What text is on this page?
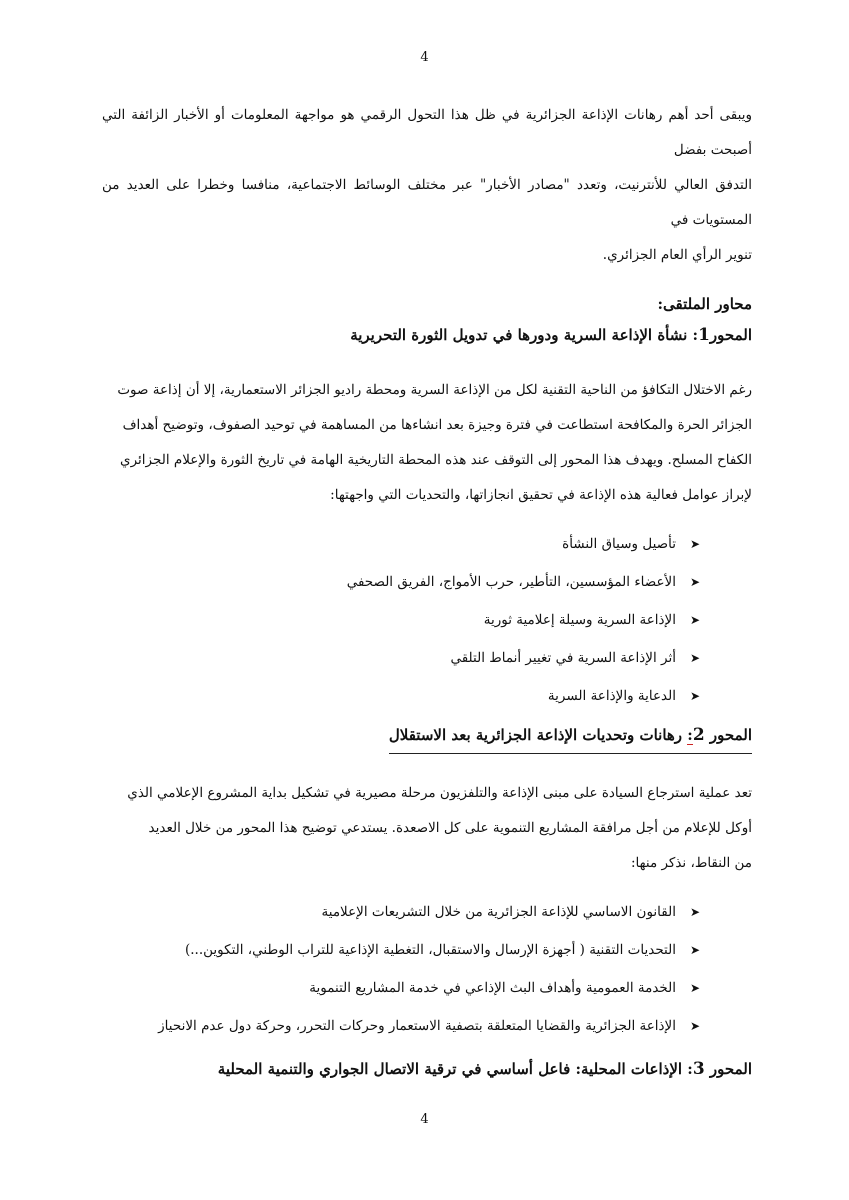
4

ويبقى أحد أهم رهانات الإذاعة الجزائرية في ظل هذا التحول الرقمي هو مواجهة المعلومات أو الأخبار الزائفة التي أصبحت بفضل

التدفق العالي للأنترنيت، وتعدد "مصادر الأخبار" عبر مختلف الوسائط الاجتماعية، منافسا وخطرا على العديد من المستويات في

تنوير الرأي العام الجزائري.

محاور الملتقى:

المحور1: نشأة الإذاعة السرية ودورها في تدويل الثورة التحريرية

رغم الاختلال التكافؤ من الناحية التقنية لكل من الإذاعة السرية ومحطة راديو الجزائر الاستعمارية، إلا أن إذاعة صوت

الجزائر الحرة والمكافحة استطاعت في فترة وجيزة بعد انشاءها من المساهمة في توحيد الصفوف، وتوضيح أهداف

الكفاح المسلح. ويهدف هذا المحور إلى التوقف عند هذه المحطة التاريخية الهامة في تاريخ الثورة والإعلام الجزائري

لإبراز عوامل فعالية هذه الإذاعة في تحقيق انجازاتها، والتحديات التي واجهتها:

➤
تأصيل وسياق النشأة
➤
الأعضاء المؤسسين، التأطير، حرب الأمواج، الفريق الصحفي
➤
الإذاعة السرية وسيلة إعلامية ثورية
➤
أثر الإذاعة السرية في تغيير أنماط التلقي
➤
الدعاية والإذاعة السرية

المحور 2: رهانات وتحديات الإذاعة الجزائرية بعد الاستقلال

تعد عملية استرجاع السيادة على مبنى الإذاعة والتلفزيون مرحلة مصيرية في تشكيل بداية المشروع الإعلامي الذي

أوكل للإعلام من أجل مرافقة المشاريع التنموية على كل الاصعدة. يستدعي توضيح هذا المحور من خلال العديد

من النقاط، نذكر منها:

➤
القانون الاساسي للإذاعة الجزائرية من خلال التشريعات الإعلامية
➤
التحديات التقنية ( أجهزة الإرسال والاستقبال، التغطية الإذاعية للتراب الوطني، التكوين...)
➤
الخدمة العمومية وأهداف البث الإذاعي في خدمة المشاريع التنموية
➤
الإذاعة الجزائرية والقضايا المتعلقة بتصفية الاستعمار وحركات التحرر، وحركة دول عدم الانحياز

المحور 3: الإذاعات المحلية: فاعل أساسي في ترقية الاتصال الجواري والتنمية المحلية

4
